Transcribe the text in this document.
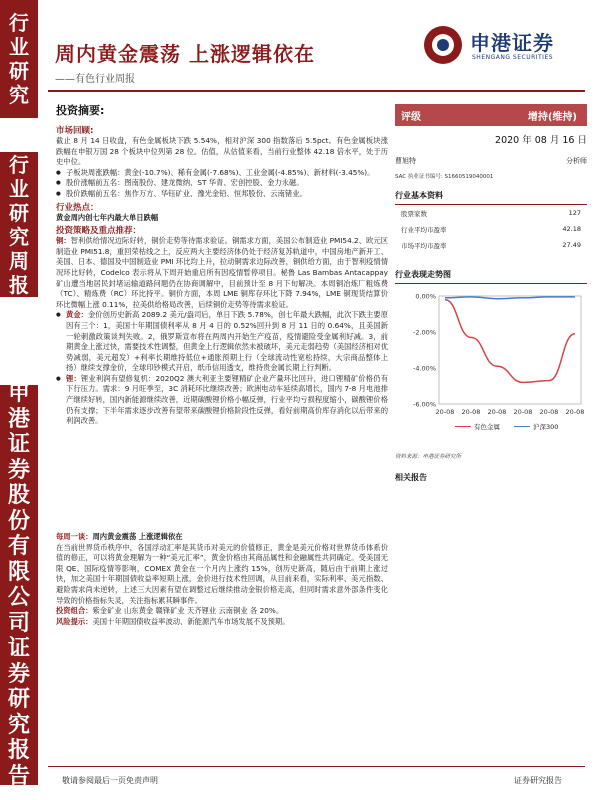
行
业
研
究
行
业
研
究
周
报
申
港
证
券
股
份
有
限
公
司
证
券
研
究
报
告
周内黄金震荡 上涨逻辑依在
——有色行业周报
申港证券
SHENGANG SECURITIES
投资摘要:
市场回顾:
截止 8 月 14 日收盘，有色金属板块下跌 5.54%，相对沪深 300 指数落后 5.5pct。有色金属板块涨跌幅在申银万国 28 个板块中位列第 28 位。估值，从估值来看，当前行业整体 42.18 倍水平，处于历史中位。
● 子板块周涨跌幅：黄金(-10.7%)、稀有金属(-7.68%)、工业金属(-4.85%)、新材料(-3.45%)。
● 股价涨幅前五名：图南股份、建龙微纳、ST 华青、宏创控股、金力永磁。
● 股价跌幅前五名：焦作万方、华钰矿业、豫光金铅、恒邦股份、云南锗业。
行业热点：
黄金周内创七年内最大单日跌幅
投资策略及重点推荐：
铜：智利供给情况边际好转，铜价走势等待需求验证。铜需求方面，美国公布制造业 PMI54.2、欧元区制造业 PMI51.8，重回荣枯线之上，反应两大主要经济体仍处于经济复苏轨道中，中国房地产新开工、美国、日本、德国及中国制造业 PMI 环比均上升，拉动铜需求边际改善，铜供给方面，由于智利疫情情况环比好转，Codelco 表示将从下周开始重启所有因疫情暂停项目。秘鲁 Las Bambas Antacappay 矿山遭当地居民封堵运输道路问题仍在协商调解中，目前预计至 8 月下旬解决。本周铜冶炼厂粗炼费（TC）、精炼费（RC）环比持平。铜价方面，本周 LME 铜库存环比下降 7.94%，LME 铜现货结算价环比微幅上涨 0.11%，拉美供给格局改善，后续铜价走势等待需求验证。
● 黄金：金价创历史新高 2089.2 美元/盎司后，单日下跌 5.78%，创七年最大跌幅，此次下跌主要原因有三个：1，美国十年期国债利率从 8 月 4 日的 0.52%回升到 8 月 11 日的 0.64%，且美国新一轮刺激政策谈判失败。2，俄罗斯宣布将在两周内开始生产疫苗，疫情避险受金属利好减。3，前期黄金上涨过快，需要技术性调整，但黄金上行逻辑依然未被破坏，美元走弱趋势（美国经济相对优势减弱，美元超发）+利率长期维持低位+通胀预期上行（全球流动性宽松持续，大宗商品整体上扬）继续支撑金价，全球印钞模式开启，纸币信用透支，维持贵金属长期上行判断。
● 锂：锂业利润有望修复机：2020Q2 澳大利亚主要锂精矿企业产量环比回升，进口锂精矿价格仍有下行压力。需求：9 月旺季至，3C 消耗环比继续改善；欧洲电动车延续高增长，国内 7-8 月电池排产继续好转，国内新能源继续改善，近期碳酸锂价格小幅反弹，行业平均亏损程度缩小，碳酸锂价格仍有支撑；下半年需求逐步改善有望带来碳酸锂价格阶段性反弹，看好前期高价库存消化以后带来的利润改善。
每周一谈：周内黄金震荡 上涨逻辑依在
在当前世界货币秩序中，各国浮动汇率是其货币对美元的价值修正，黄金是美元价格对世界货币体系价值的修正，可以将黄金理解为一种“美元汇率”，黄金价格由其商品属性和金融属性共同确定。受美国无限 QE、国际疫情等影响，COMEX 黄金在一个月内上涨约 15%，创历史新高，随后由于前期上涨过快，加之美国十年期国债收益率短期上涨，金价进行技术性回调，从目前来看，实际利率、美元指数、避险需求尚未逆转，上述三大因素有望在调整过后继续推动金银价格走高，但同时需求意外部条件变化导致的价格指标失灵，关注指标累其瞬事件。
投资组合：紫金矿业 山东黄金 赣锋矿业 天齐锂业 云南铜业 各 20%。
风险提示：美国十年期国债收益率波动、新能源汽车市场发展不及预期。
评级	增持(维持)
2020 年 08 月 16 日
曹旭特	分析师
SAC 执业证书编号: S1660519040001
行业基本资料
股票家数	127
行业平均市盈率	42.18
市场平均市盈率	27.49
行业表现走势图
0.00%
-2.00%
-4.00%
-6.00%
20-08 20-08 20-08 20-08 20-08 20-08
有色金属	沪深300
资料来源：申港证券研究所
相关报告
敬请参阅最后一页免责声明	证券研究报告
